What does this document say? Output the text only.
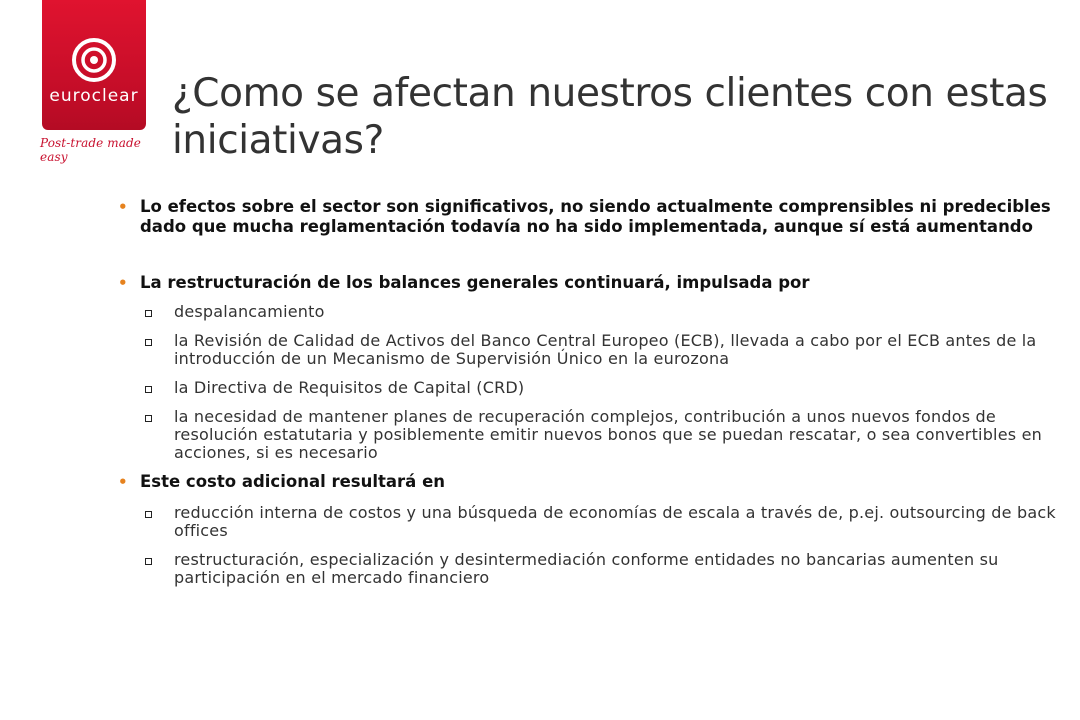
euroclear
Post-trade made easy
¿Como se afectan nuestros clientes con estas iniciativas?
• Lo efectos sobre el sector son significativos, no siendo actualmente comprensibles ni predecibles dado que mucha reglamentación todavía no ha sido implementada, aunque sí está aumentando
• La restructuración de los balances generales continuará, impulsada por
despalancamiento
la Revisión de Calidad de Activos del Banco Central Europeo (ECB), llevada a cabo por el ECB antes de la introducción de un Mecanismo de Supervisión Único en la eurozona
la Directiva de Requisitos de Capital (CRD)
la necesidad de mantener planes de recuperación complejos, contribución a unos nuevos fondos de resolución estatutaria y posiblemente emitir nuevos bonos que se puedan rescatar, o sea convertibles en acciones, si es necesario
• Este costo adicional resultará en
reducción interna de costos y una búsqueda de economías de escala a través de, p.ej. outsourcing de back offices
restructuración, especialización y desintermediación conforme entidades no bancarias aumenten su participación en el mercado financiero
